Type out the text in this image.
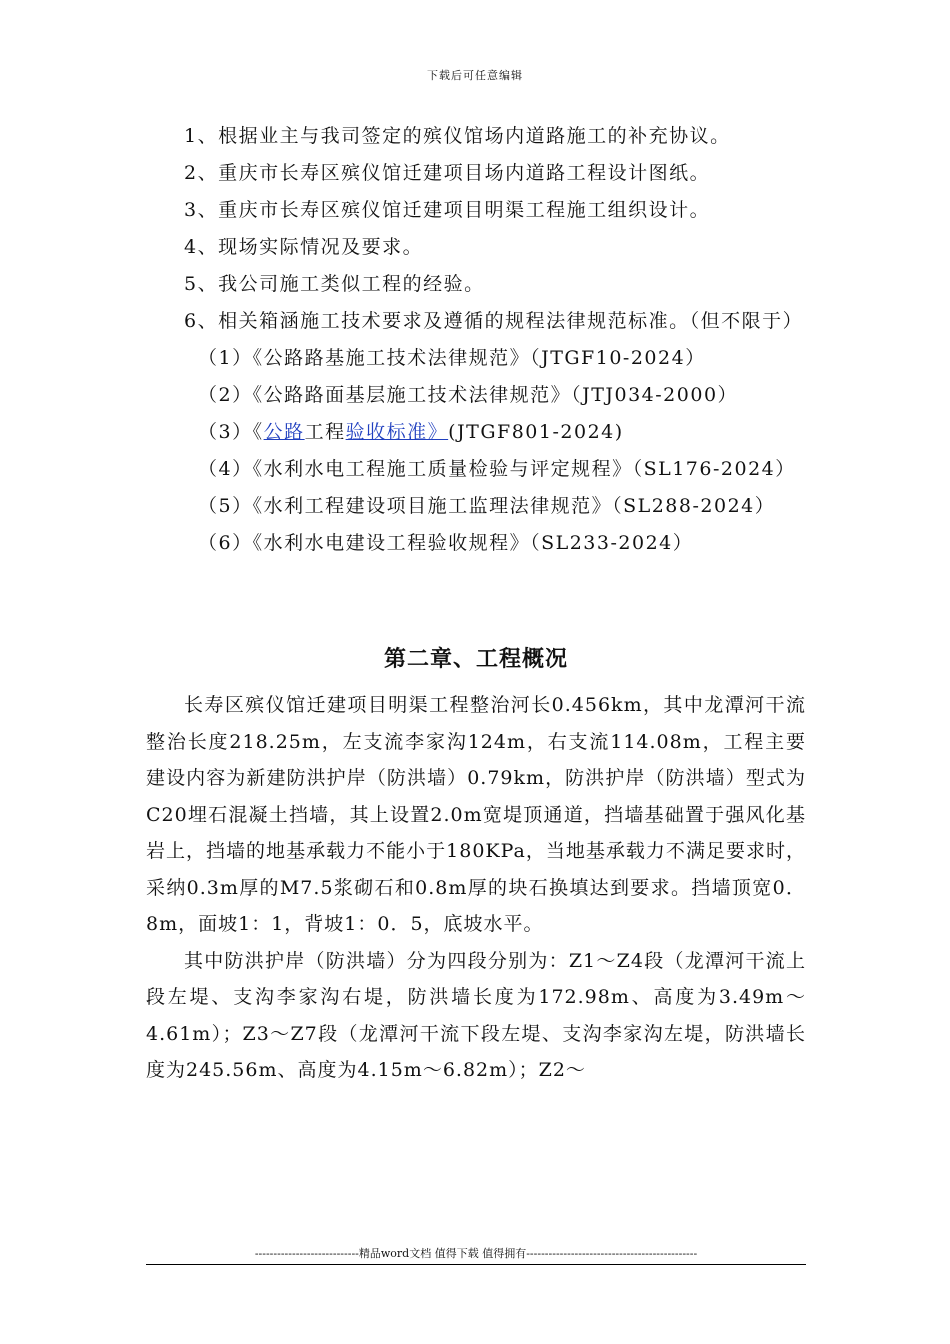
下载后可任意编辑

1、根据业主与我司签定的殡仪馆场内道路施工的补充协议。

2、重庆市长寿区殡仪馆迁建项目场内道路工程设计图纸。

3、重庆市长寿区殡仪馆迁建项目明渠工程施工组织设计。

4、现场实际情况及要求。

5、我公司施工类似工程的经验。

6、相关箱涵施工技术要求及遵循的规程法律规范标准。（但不限于）

（1）《公路路基施工技术法律规范》（JTGF10-2024）

（2）《公路路面基层施工技术法律规范》（JTJ034-2000）

（3）《公路工程验收标准》(JTGF801-2024)

（4）《水利水电工程施工质量检验与评定规程》（SL176-2024）

（5）《水利工程建设项目施工监理法律规范》（SL288-2024）

（6）《水利水电建设工程验收规程》（SL233-2024）

第二章、工程概况

长寿区殡仪馆迁建项目明渠工程整治河长0.456km，其中龙潭河干流整治长度218.25m，左支流李家沟124m，右支流114.08m，工程主要建设内容为新建防洪护岸（防洪墙）0.79km，防洪护岸（防洪墙）型式为C20埋石混凝土挡墙，其上设置2.0m宽堤顶通道，挡墙基础置于强风化基岩上，挡墙的地基承载力不能小于180KPa，当地基承载力不满足要求时，采纳0.3m厚的M7.5浆砌石和0.8m厚的块石换填达到要求。挡墙顶宽0．8m，面坡1：1，背坡1：0．5，底坡水平。

其中防洪护岸（防洪墙）分为四段分别为：Z1～Z4段（龙潭河干流上段左堤、支沟李家沟右堤，防洪墙长度为172.98m、高度为3.49m～4.61m）；Z3～Z7段（龙潭河干流下段左堤、支沟李家沟左堤，防洪墙长度为245.56m、高度为4.15m～6.82m）；Z2～

----------------------------精品word文档 值得下载 值得拥有----------------------------------------------
